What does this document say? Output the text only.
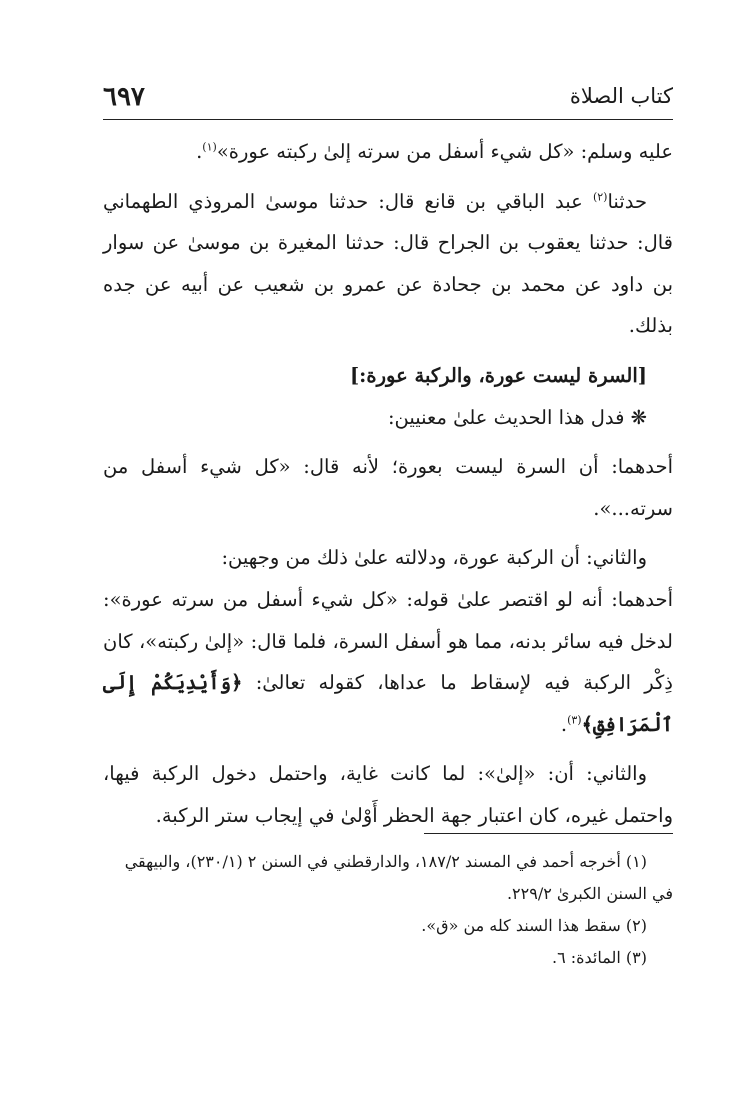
كتاب الصلاة
٦٩٧

عليه وسلم: «كل شيء أسفل من سرته إلىٰ ركبته عورة»$^{(١)}$.

حدثنا$^{(٢)}$ عبد الباقي بن قانع قال: حدثنا موسىٰ المروذي الطهماني قال: حدثنا يعقوب بن الجراح قال: حدثنا المغيرة بن موسىٰ عن سوار بن داود عن محمد بن جحادة عن عمرو بن شعيب عن أبيه عن جده بذلك.

[السرة ليست عورة، والركبة عورة:]

❋ فدل هذا الحديث علىٰ معنيين:

أحدهما: أن السرة ليست بعورة؛ لأنه قال: «كل شيء أسفل من سرته...».

والثاني: أن الركبة عورة، ودلالته علىٰ ذلك من وجهين:

أحدهما: أنه لو اقتصر علىٰ قوله: «كل شيء أسفل من سرته عورة»: لدخل فيه سائر بدنه، مما هو أسفل السرة، فلما قال: «إلىٰ ركبته»، كان ذِكْر الركبة فيه لإسقاط ما عداها، كقوله تعالىٰ: ﴿وَأَيْدِيَكُمْ إِلَى ٱلْمَرَافِقِ﴾$^{(٣)}$.

والثاني: أن: «إلىٰ»: لما كانت غاية، واحتمل دخول الركبة فيها، واحتمل غيره، كان اعتبار جهة الحظر أَوْلىٰ في إيجاب ستر الركبة.

(١) أخرجه أحمد في المسند ١٨٧/٢، والدارقطني في السنن ٢ (٢٣٠/١)، والبيهقي في السنن الكبرىٰ ٢٢٩/٢.

(٢) سقط هذا السند كله من «ق».

(٣) المائدة: ٦.
